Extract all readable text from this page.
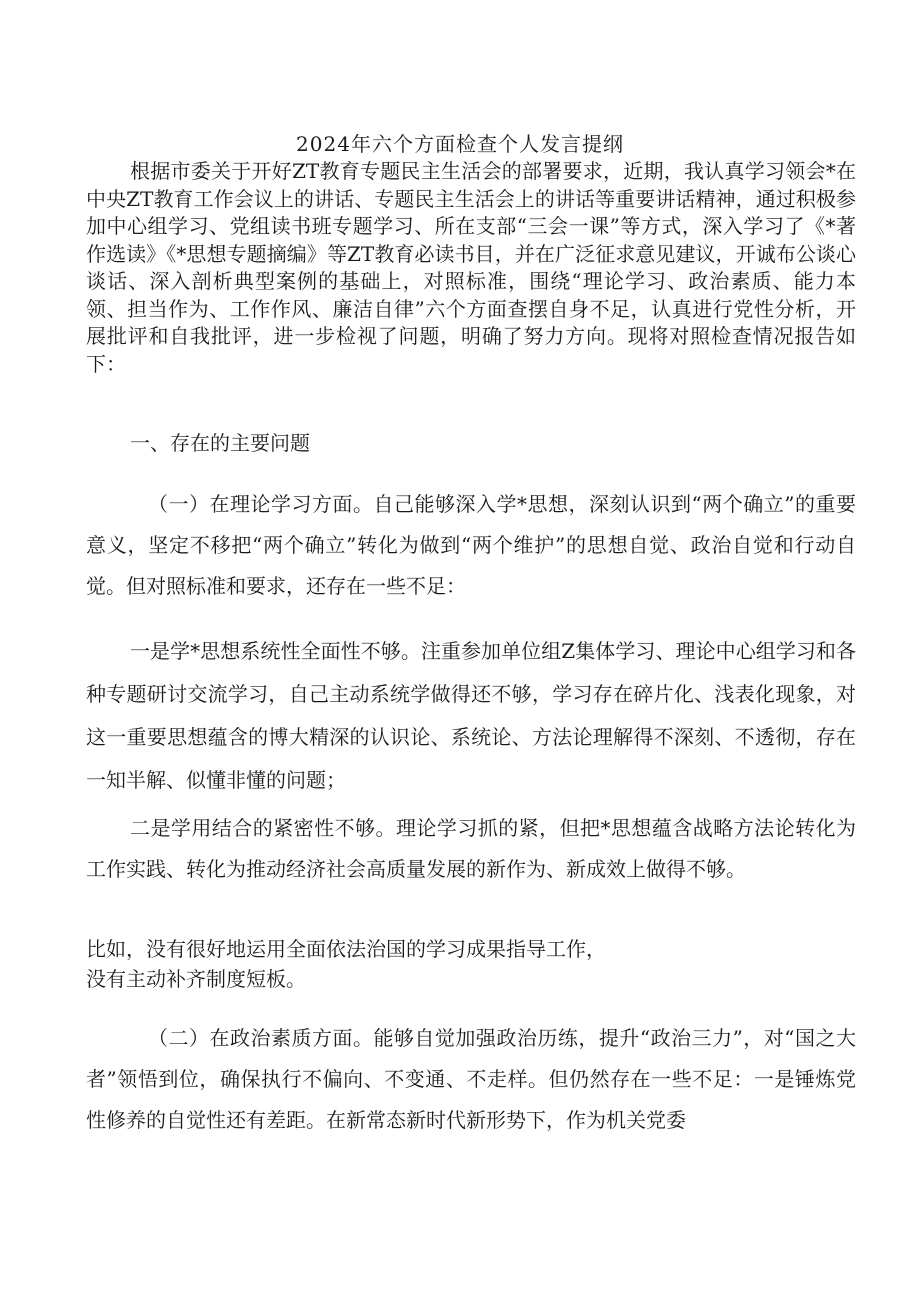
2024年六个方面检查个人发言提纲

根据市委关于开好ZT教育专题民主生活会的部署要求，近期，我认真学习领会*在中央ZT教育工作会议上的讲话、专题民主生活会上的讲话等重要讲话精神，通过积极参加中心组学习、党组读书班专题学习、所在支部“三会一课”等方式，深入学习了《*著作选读》《*思想专题摘编》等ZT教育必读书目，并在广泛征求意见建议，开诚布公谈心谈话、深入剖析典型案例的基础上，对照标准，围绕“理论学习、政治素质、能力本领、担当作为、工作作风、廉洁自律”六个方面查摆自身不足，认真进行党性分析，开展批评和自我批评，进一步检视了问题，明确了努力方向。现将对照检查情况报告如下：

一、存在的主要问题

（一）在理论学习方面。自己能够深入学*思想，深刻认识到“两个确立”的重要意义，坚定不移把“两个确立”转化为做到“两个维护”的思想自觉、政治自觉和行动自觉。但对照标准和要求，还存在一些不足：

一是学*思想系统性全面性不够。注重参加单位组Z集体学习、理论中心组学习和各种专题研讨交流学习，自己主动系统学做得还不够，学习存在碎片化、浅表化现象，对这一重要思想蕴含的博大精深的认识论、系统论、方法论理解得不深刻、不透彻，存在一知半解、似懂非懂的问题；

二是学用结合的紧密性不够。理论学习抓的紧，但把*思想蕴含战略方法论转化为工作实践、转化为推动经济社会高质量发展的新作为、新成效上做得不够。

比如，没有很好地运用全面依法治国的学习成果指导工作，
没有主动补齐制度短板。

（二）在政治素质方面。能够自觉加强政治历练，提升“政治三力”，对“国之大者”领悟到位，确保执行不偏向、不变通、不走样。但仍然存在一些不足：一是锤炼党性修养的自觉性还有差距。在新常态新时代新形势下，作为机关党委
